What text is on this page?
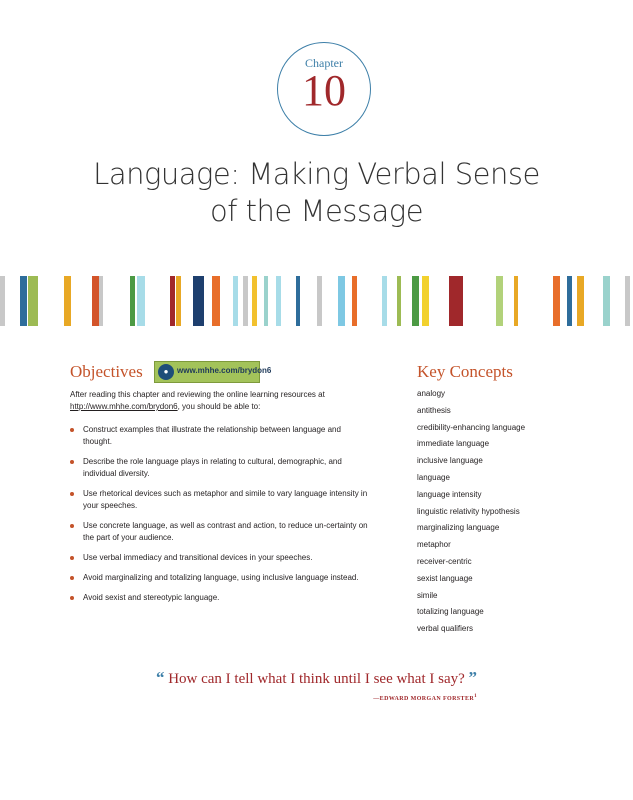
Chapter
10
Language: Making Verbal Sense
of the Message
Objectives	●	www.mhhe.com/brydon6
After reading this chapter and reviewing the online learning resources at http://www.mhhe.com/brydon6, you should be able to:
Construct examples that illustrate the relationship between language and thought.
Describe the role language plays in relating to cultural, demographic, and individual diversity.
Use rhetorical devices such as metaphor and simile to vary language intensity in your speeches.
Use concrete language, as well as contrast and action, to reduce un-certainty on the part of your audience.
Use verbal immediacy and transitional devices in your speeches.
Avoid marginalizing and totalizing language, using inclusive language instead.
Avoid sexist and stereotypic language.
Key Concepts
analogy
antithesis
credibility-enhancing language
immediate language
inclusive language
language
language intensity
linguistic relativity hypothesis
marginalizing language
metaphor
receiver-centric
sexist language
simile
totalizing language
verbal qualifiers
“ How can I tell what I think until I see what I say? ”
—EDWARD MORGAN FORSTER$^1$
